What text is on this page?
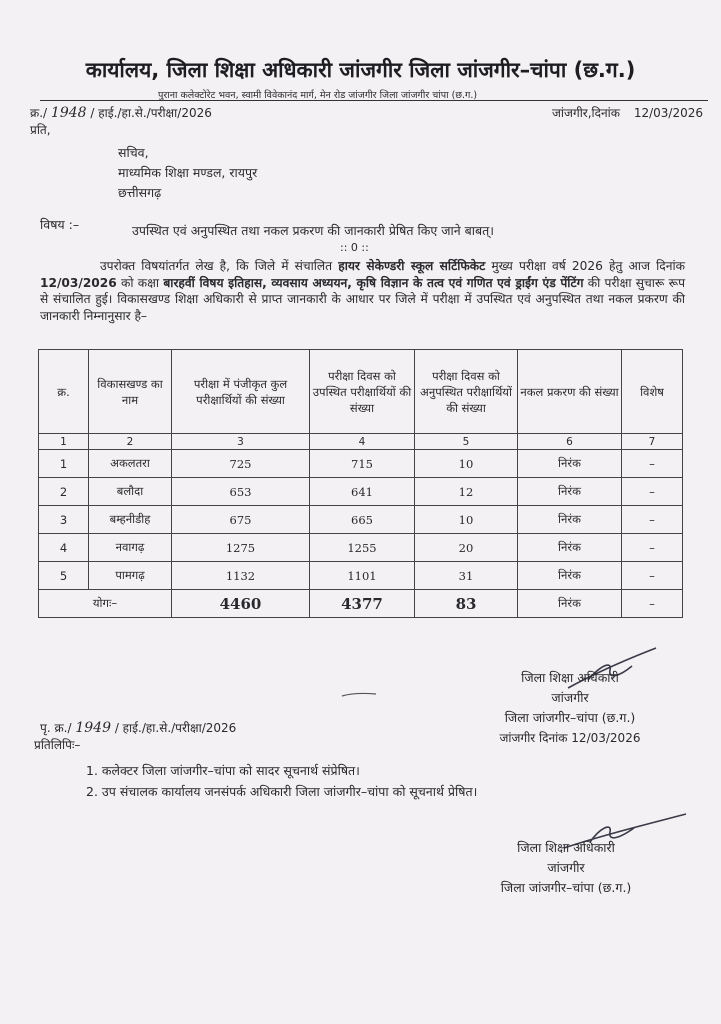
कार्यालय, जिला शिक्षा अधिकारी जांजगीर जिला जांजगीर–चांपा (छ.ग.)
पुराना कलेक्टोरेट भवन, स्वामी विवेकानंद मार्ग, मेन रोड जांजगीर जिला जांजगीर चांपा (छ.ग.)
क्र./ 1948 / हाई./हा.से./परीक्षा/2026	जांजगीर,दिनांक 12/03/2026
प्रति,
सचिव,
माध्यमिक शिक्षा मण्डल, रायपुर
छत्तीसगढ़
विषय :–	उपस्थित एवं अनुपस्थित तथा नकल प्रकरण की जानकारी प्रेषित किए जाने बाबत्।
:: 0 ::
उपरोक्त विषयांतर्गत लेख है, कि जिले में संचालित हायर सेकेण्डरी स्कूल सर्टिफिकेट मुख्य परीक्षा वर्ष 2026 हेतु आज दिनांक 12/03/2026 को कक्षा बारहवीं विषय इतिहास, व्यवसाय अध्ययन, कृषि विज्ञान के तत्व एवं गणित एवं ड्राईंग एंड पेंटिंग की परीक्षा सुचारू रूप से संचालित हुई। विकासखण्ड शिक्षा अधिकारी से प्राप्त जानकारी के आधार पर जिले में परीक्षा में उपस्थित एवं अनुपस्थित तथा नकल प्रकरण की जानकारी निम्नानुसार है–
क्र.	विकासखण्ड का नाम	परीक्षा में पंजीकृत कुल परीक्षार्थियों की संख्या	परीक्षा दिवस को उपस्थित परीक्षार्थियों की संख्या	परीक्षा दिवस को अनुपस्थित परीक्षार्थियों की संख्या	नकल प्रकरण की संख्या	विशेष
1	2	3	4	5	6	7
1	अकलतरा	725	715	10	निरंक	–
2	बलौदा	653	641	12	निरंक	–
3	बम्हनीडीह	675	665	10	निरंक	–
4	नवागढ़	1275	1255	20	निरंक	–
5	पामगढ़	1132	1101	31	निरंक	–
योगः–		4460	4377	83	निरंक	–
जिला शिक्षा अधिकारी
जांजगीर
जिला जांजगीर–चांपा (छ.ग.)
जांजगीर दिनांक 12/03/2026
पृ. क्र./ 1949 / हाई./हा.से./परीक्षा/2026
प्रतिलिपिः–
1. कलेक्टर जिला जांजगीर–चांपा को सादर सूचनार्थ संप्रेषित।
2. उप संचालक कार्यालय जनसंपर्क अधिकारी जिला जांजगीर–चांपा को सूचनार्थ प्रेषित।
जिला शिक्षा अधिकारी
जांजगीर
जिला जांजगीर–चांपा (छ.ग.)
